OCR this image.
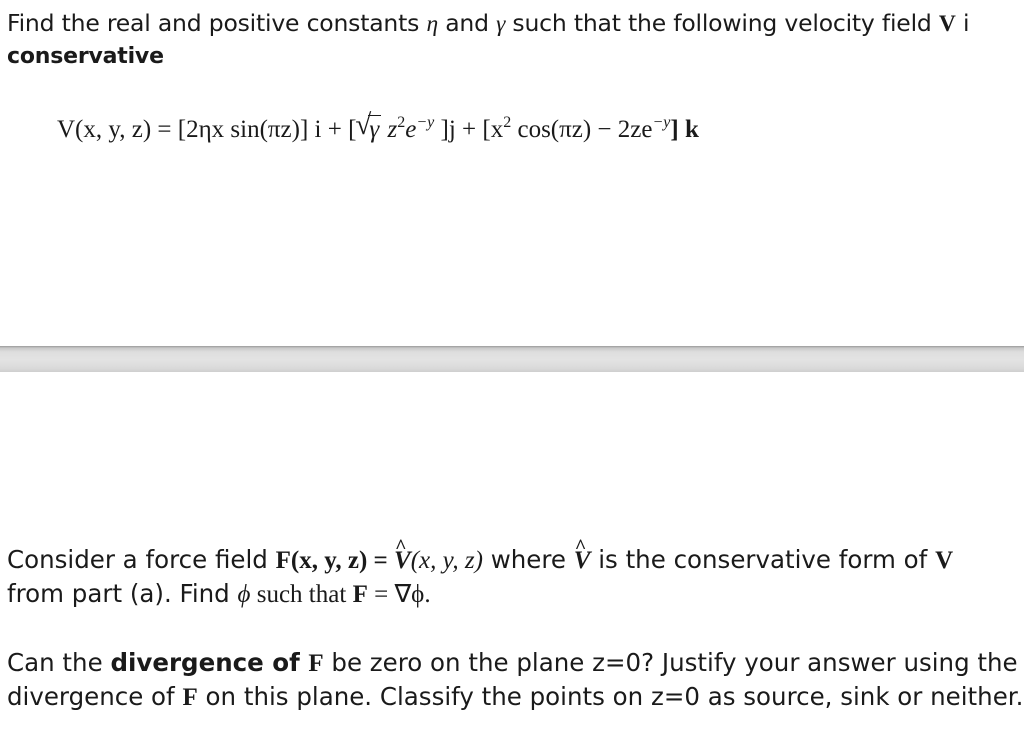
Find the real and positive constants η and γ such that the following velocity field V i
conservative
V(x, y, z) = [2ηx sin(πz)] i + [ √
γ $z^2e^{-y}$ ]$j + [x^2$ $\cos(\pi z) - 2ze^{-y}$] k
Consider a force field F(x, y, z) = ^ V(x, y, z) where ^ V is the conservative form of V
from part (a). Find ϕ such that F = ∇ϕ.
Can the divergence of F be zero on the plane z=0? Justify your answer using the
divergence of F on this plane. Classify the points on z=0 as source, sink or neither.
